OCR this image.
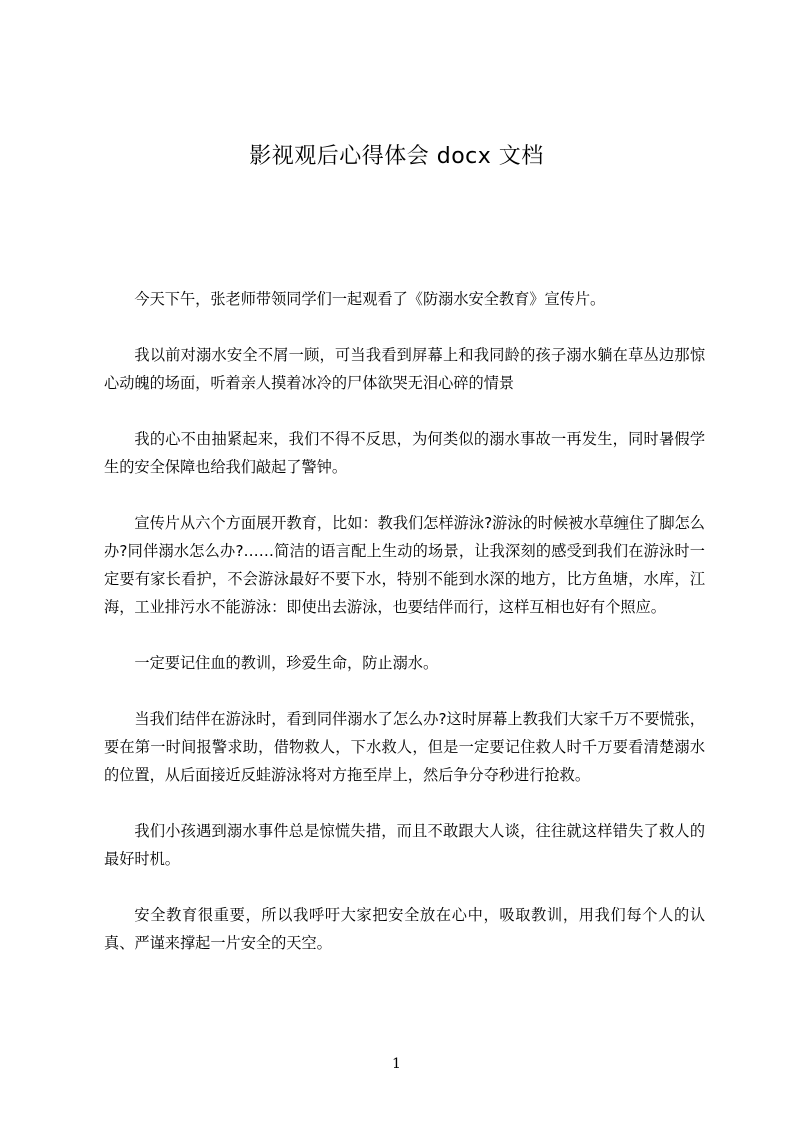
影视观后心得体会 docx 文档

今天下午，张老师带领同学们一起观看了《防溺水安全教育》宣传片。

我以前对溺水安全不屑一顾，可当我看到屏幕上和我同龄的孩子溺水躺在草丛边那惊心动魄的场面，听着亲人摸着冰冷的尸体欲哭无泪心碎的情景

我的心不由抽紧起来，我们不得不反思，为何类似的溺水事故一再发生，同时暑假学生的安全保障也给我们敲起了警钟。

宣传片从六个方面展开教育，比如：教我们怎样游泳?游泳的时候被水草缠住了脚怎么办?同伴溺水怎么办?……简洁的语言配上生动的场景，让我深刻的感受到我们在游泳时一定要有家长看护，不会游泳最好不要下水，特别不能到水深的地方，比方鱼塘，水库，江海，工业排污水不能游泳：即使出去游泳，也要结伴而行，这样互相也好有个照应。

一定要记住血的教训，珍爱生命，防止溺水。

当我们结伴在游泳时，看到同伴溺水了怎么办?这时屏幕上教我们大家千万不要慌张，要在第一时间报警求助，借物救人，下水救人，但是一定要记住救人时千万要看清楚溺水的位置，从后面接近反蛙游泳将对方拖至岸上，然后争分夺秒进行抢救。

我们小孩遇到溺水事件总是惊慌失措，而且不敢跟大人谈，往往就这样错失了救人的最好时机。

安全教育很重要，所以我呼吁大家把安全放在心中，吸取教训，用我们每个人的认真、严谨来撑起一片安全的天空。

1
